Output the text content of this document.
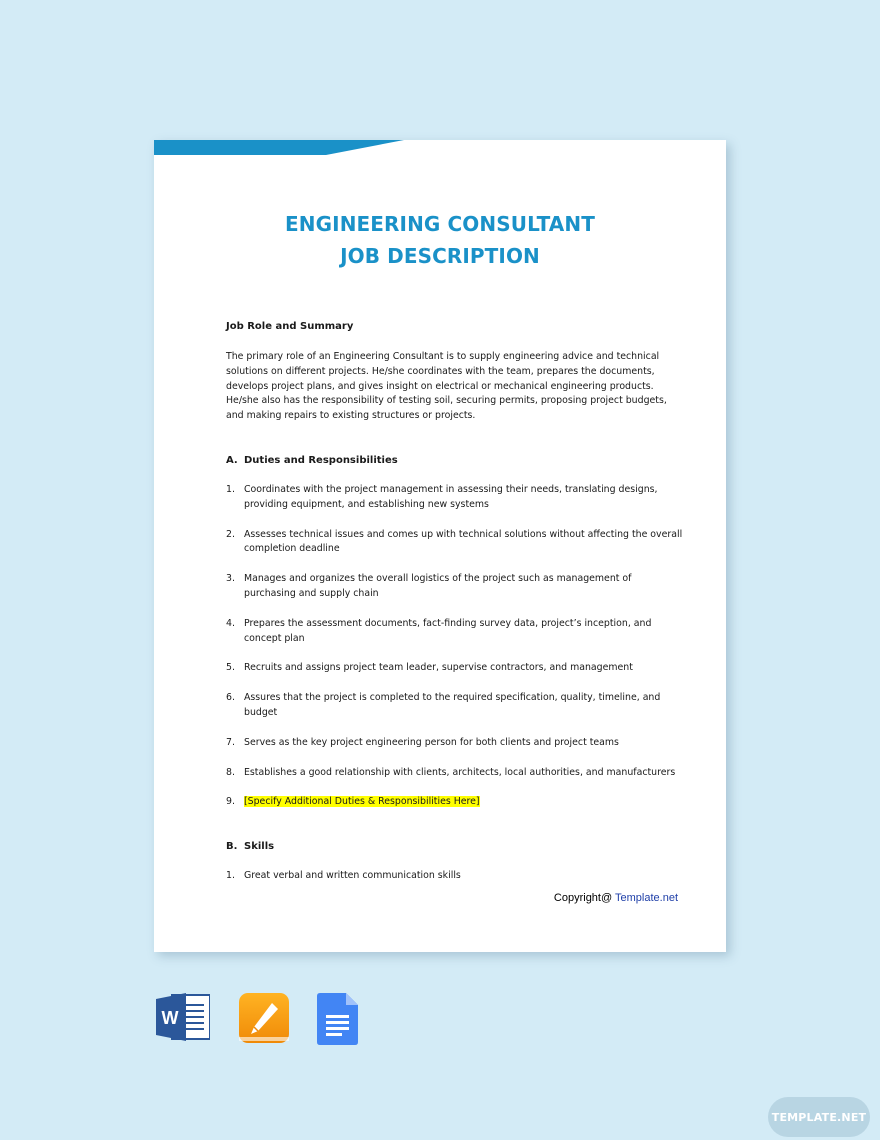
ENGINEERING CONSULTANT
JOB DESCRIPTION
Job Role and Summary
The primary role of an Engineering Consultant is to supply engineering advice and technical solutions on different projects. He/she coordinates with the team, prepares the documents, develops project plans, and gives insight on electrical or mechanical engineering products. He/she also has the responsibility of testing soil, securing permits, proposing project budgets, and making repairs to existing structures or projects.
A. Duties and Responsibilities
1. Coordinates with the project management in assessing their needs, translating designs, providing equipment, and establishing new systems
2. Assesses technical issues and comes up with technical solutions without affecting the overall completion deadline
3. Manages and organizes the overall logistics of the project such as management of purchasing and supply chain
4. Prepares the assessment documents, fact-finding survey data, project’s inception, and concept plan
5. Recruits and assigns project team leader, supervise contractors, and management
6. Assures that the project is completed to the required specification, quality, timeline, and budget
7. Serves as the key project engineering person for both clients and project teams
8. Establishes a good relationship with clients, architects, local authorities, and manufacturers
9. [Specify Additional Duties & Responsibilities Here]
B. Skills
1. Great verbal and written communication skills
Copyright@ Template.net
W
TEMPLATE.NET
